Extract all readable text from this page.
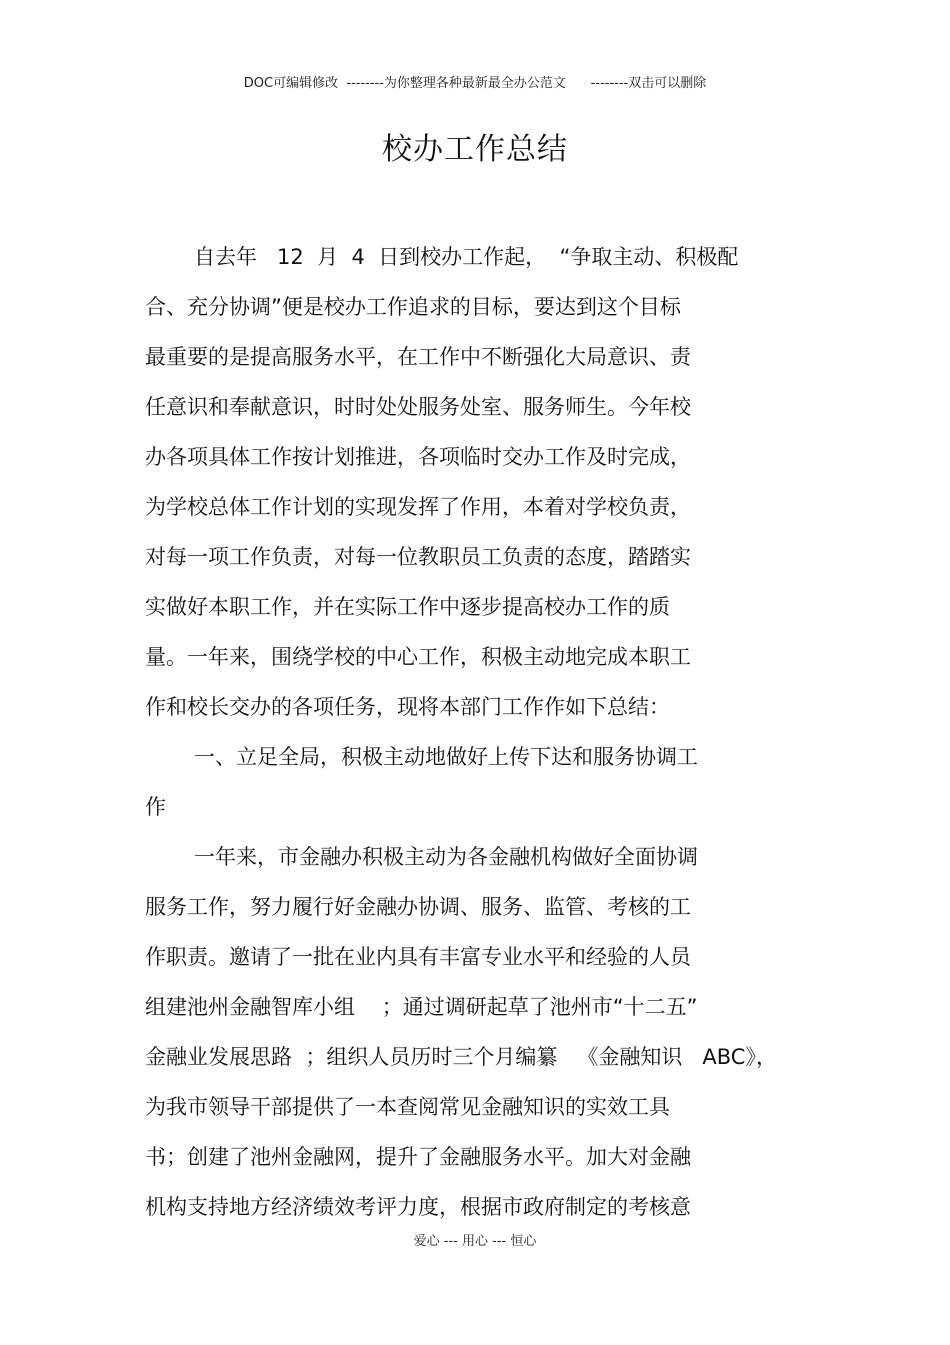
DOC可编辑修改  --------为你整理各种最新最全办公范文      --------双击可以删除
校办工作总结
自去年   12  月  4  日到校办工作起，  “争取主动、积极配
合、充分协调”便是校办工作追求的目标，要达到这个目标
最重要的是提高服务水平，在工作中不断强化大局意识、责
任意识和奉献意识，时时处处服务处室、服务师生。今年校
办各项具体工作按计划推进，各项临时交办工作及时完成，
为学校总体工作计划的实现发挥了作用，本着对学校负责，
对每一项工作负责，对每一位教职员工负责的态度，踏踏实
实做好本职工作，并在实际工作中逐步提高校办工作的质
量。一年来，围绕学校的中心工作，积极主动地完成本职工
作和校长交办的各项任务，现将本部门工作作如下总结：
一、立足全局，积极主动地做好上传下达和服务协调工
作
一年来，市金融办积极主动为各金融机构做好全面协调
服务工作，努力履行好金融办协调、服务、监管、考核的工
作职责。邀请了一批在业内具有丰富专业水平和经验的人员
组建池州金融智库小组    ；通过调研起草了池州市“十二五”
金融业发展思路  ；组织人员历时三个月编纂   《金融知识   ABC》，
为我市领导干部提供了一本查阅常见金融知识的实效工具
书；创建了池州金融网，提升了金融服务水平。加大对金融
机构支持地方经济绩效考评力度，根据市政府制定的考核意
爱心 --- 用心 --- 恒心
